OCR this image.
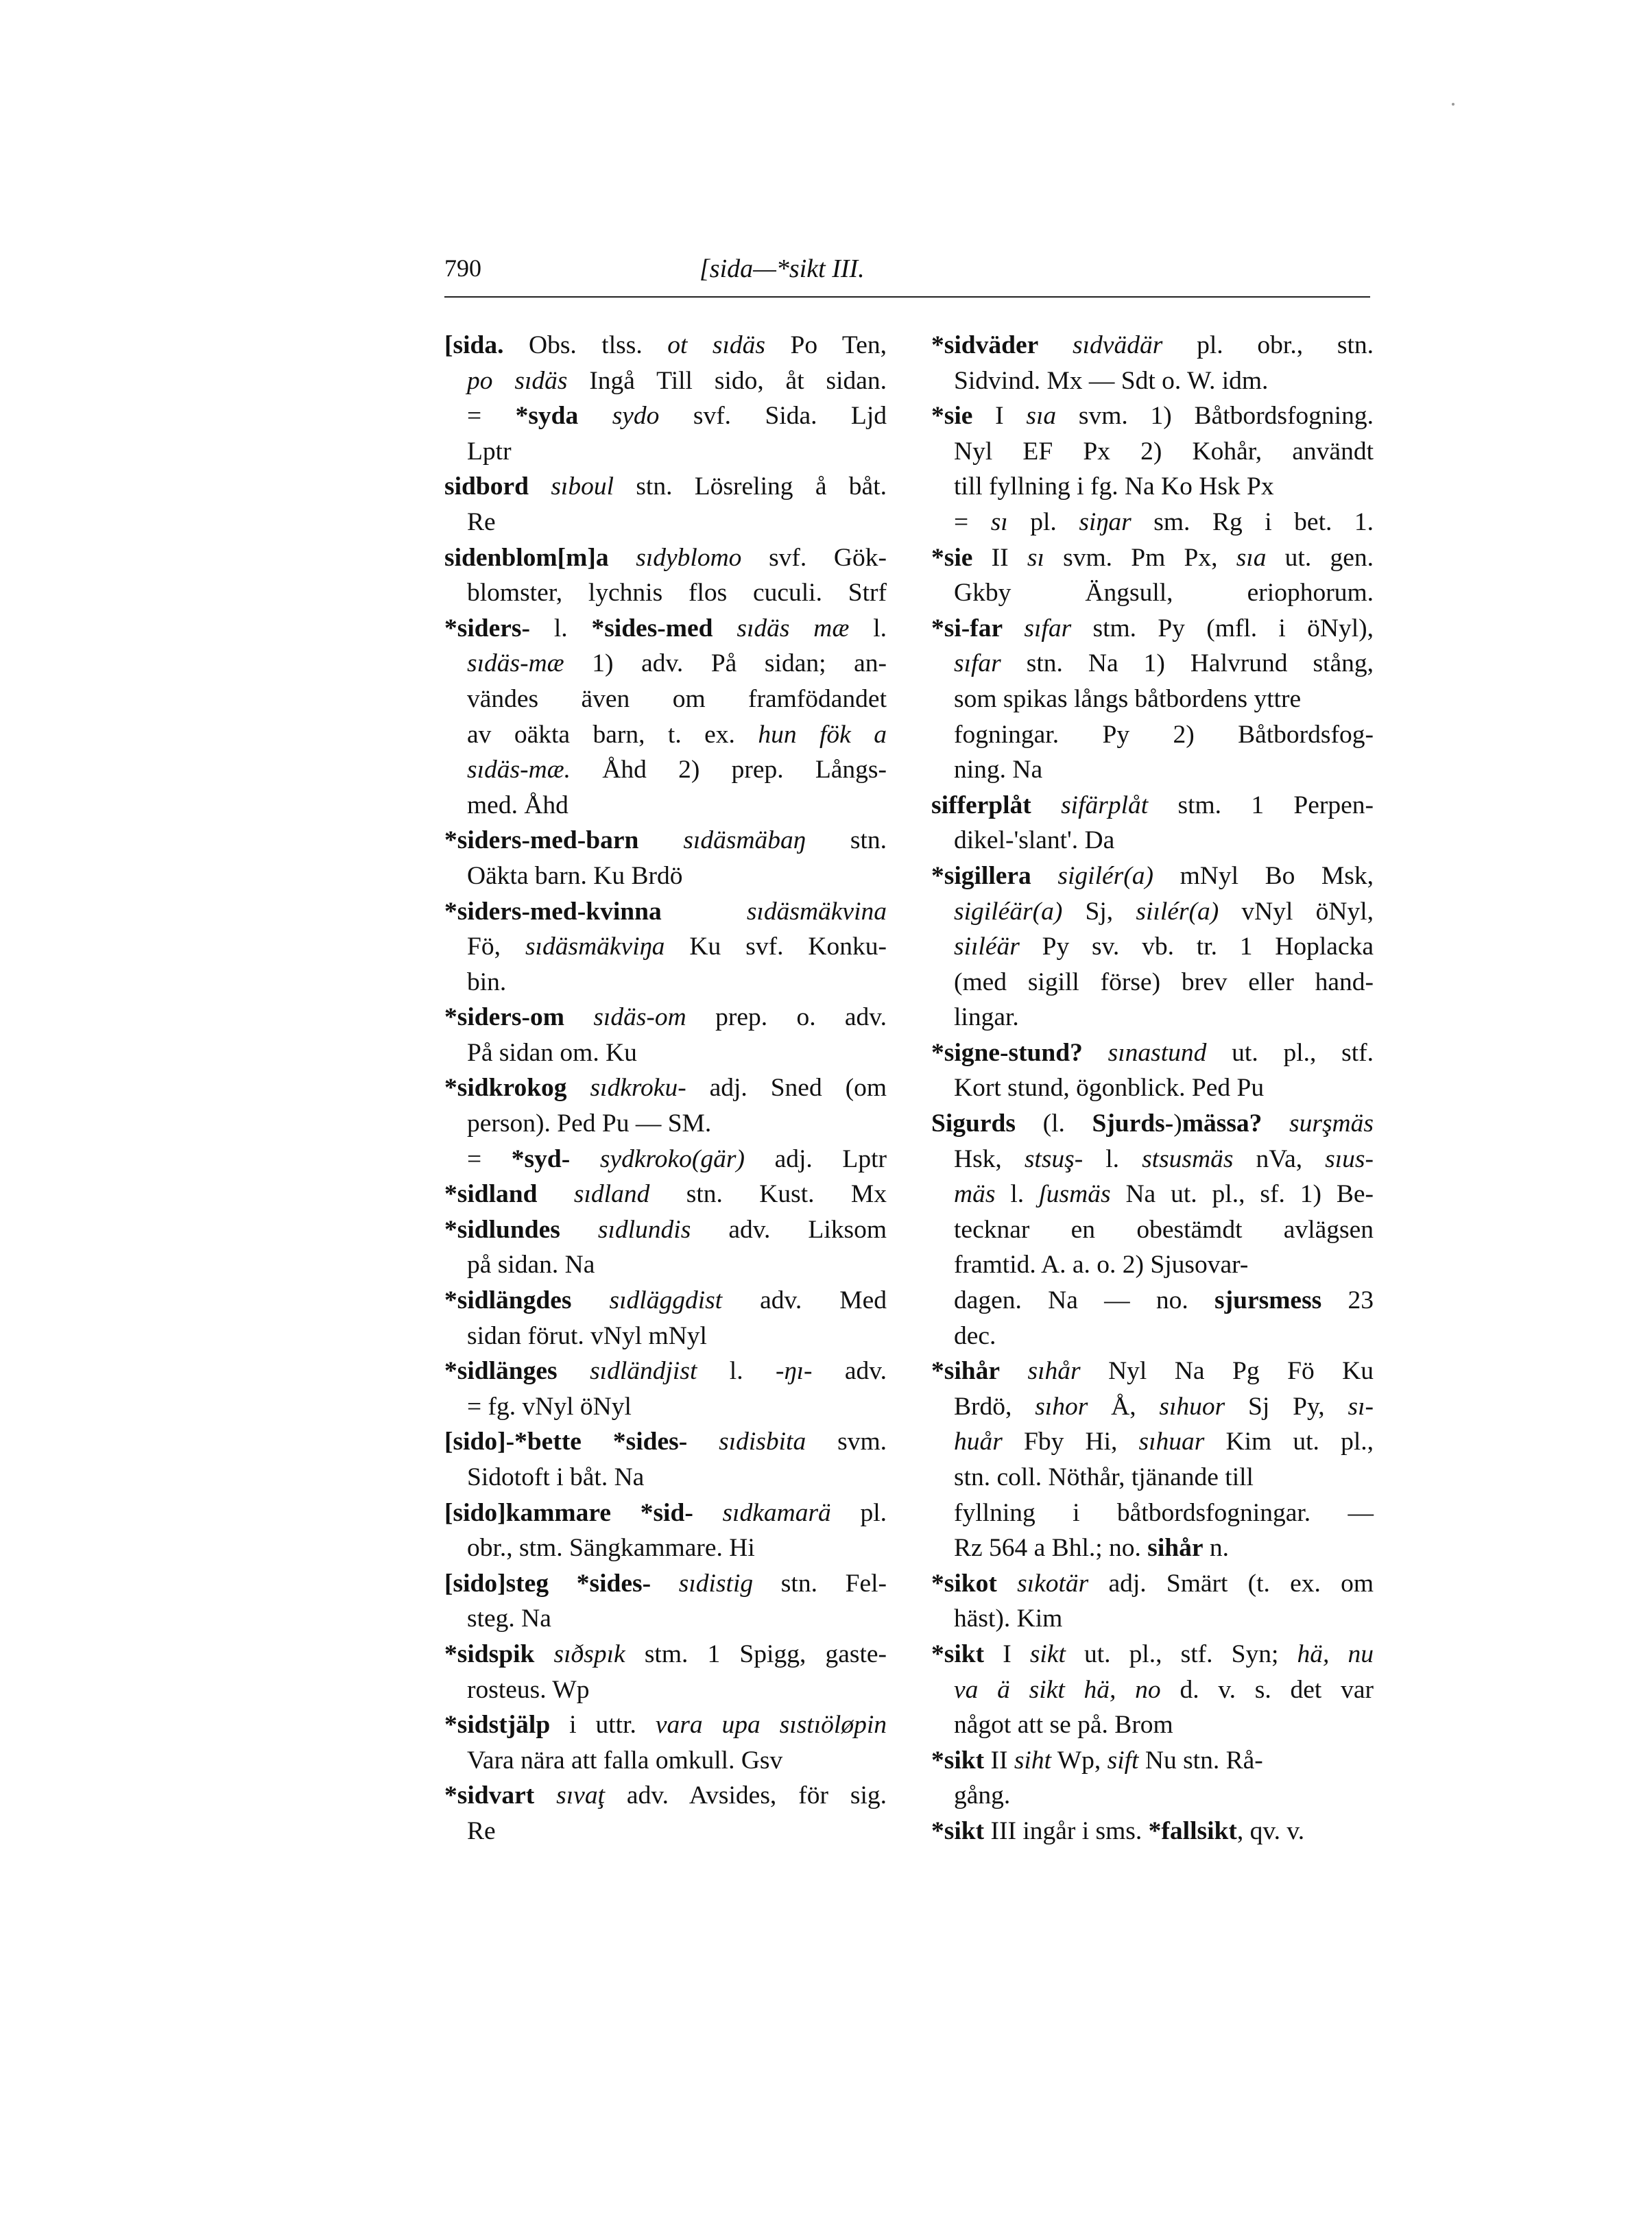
790	[sida—*sikt III.
[sida. Obs. tlss. ot sıdäs Po Ten,
po sıdäs Ingå Till sido, åt sidan.
= *syda sydo svf. Sida. Ljd
Lptr
sidbord sıboul stn. Lösreling å båt.
Re
sidenblom[m]a sıdyblomo svf. Gök-
blomster, lychnis flos cuculi. Strf
*siders- l. *sides-med sıdäs mæ l.
sıdäs-mæ 1) adv. På sidan; an-
vändes även om framfödandet
av oäkta barn, t. ex. hun fök a
sıdäs-mæ. Åhd 2) prep. Långs-
med. Åhd
*siders-med-barn sıdäsmäbaŋ stn.
Oäkta barn. Ku Brdö
*siders-med-kvinna	sıdäsmäkvina
Fö, sıdäsmäkviŋa Ku svf. Konku-
bin.
*siders-om sıdäs-om prep. o. adv.
På sidan om. Ku
*sidkrokog sıdkroku- adj. Sned (om
person). Ped Pu — SM.
= *syd- sydkroko(gär) adj. Lptr
*sidland sıdland stn. Kust. Mx
*sidlundes sıdlundis adv. Liksom
på sidan. Na
*sidlängdes sıdläggdist adv. Med
sidan förut. vNyl mNyl
*sidlänges sıdländjist l. -ŋı- adv.
= fg. vNyl öNyl
[sido]-*bette *sides- sıdisbita svm.
Sidotoft i båt. Na
[sido]kammare *sid- sıdkamarä pl.
obr., stm. Sängkammare. Hi
[sido]steg *sides- sıdistig stn. Fel-
steg. Na
*sidspik sıðspık stm. 1 Spigg, gaste-
rosteus. Wp
*sidstjälp i uttr. vara upa sıstıöløpin
Vara nära att falla omkull. Gsv
*sidvart sıvaţ adv. Avsides, för sig.
Re
*sidväder sıdvädär pl. obr., stn.
Sidvind. Mx — Sdt o. W. idm.
*sie I sıa svm. 1) Båtbordsfogning.
Nyl EF Px 2) Kohår, användt
till fyllning i fg. Na Ko Hsk Px
= sı pl. siŋar sm. Rg i bet. 1.
*sie II sı svm. Pm Px, sıa ut. gen.
Gkby Ängsull, eriophorum.
*si-far sıfar stm. Py (mfl. i öNyl),
sıfar stn. Na 1) Halvrund stång,
som spikas långs båtbordens yttre
fogningar. Py 2) Båtbordsfog-
ning. Na
sifferplåt sifärplåt stm. 1 Perpen-
dikel-'slant'. Da
*sigillera sigilér(a) mNyl Bo Msk,
sigiléär(a) Sj, siılér(a) vNyl öNyl,
siıléär Py sv. vb. tr. 1 Hoplacka
(med sigill förse) brev eller hand-
lingar.
*signe-stund? sınastund ut. pl., stf.
Kort stund, ögonblick. Ped Pu
Sigurds (l. Sjurds-)mässa? surşmäs
Hsk, stsuş- l. stsusmäs nVa, sıus-
mäs l. ʃusmäs Na ut. pl., sf. 1) Be-
tecknar en obestämdt avlägsen
framtid. A. a. o. 2) Sjusovar-
dagen. Na — no. sjursmess 23
dec.
*sihår sıhår Nyl Na Pg Fö Ku
Brdö, sıhor Å, sıhuor Sj Py, sı-
huår Fby Hi, sıhuar Kim ut. pl.,
stn. coll. Nöthår, tjänande till
fyllning i båtbordsfogningar. —
Rz 564 a Bhl.; no. sihår n.
*sikot sıkotär adj. Smärt (t. ex. om
häst). Kim
*sikt I sikt ut. pl., stf. Syn; hä, nu
va ä sikt hä, no d. v. s. det var
något att se på. Brom
*sikt II siht Wp, sift Nu stn. Rå-
gång.
*sikt III ingår i sms. *fallsikt, qv. v.
